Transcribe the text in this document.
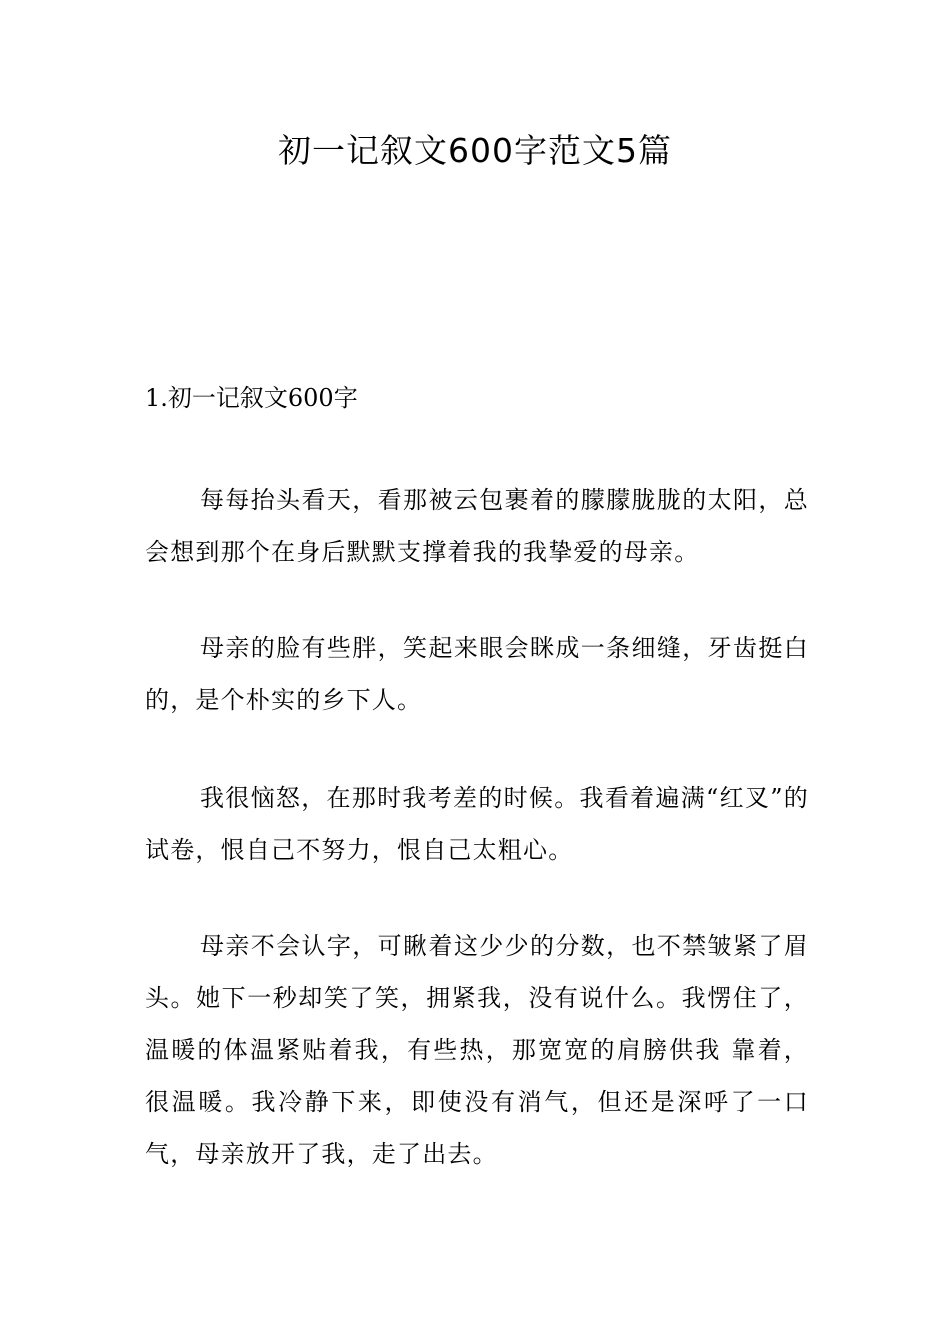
初一记叙文600字范文5篇

1.初一记叙文600字

每每抬头看天，看那被云包裹着的朦朦胧胧的太阳，总会想到那个在身后默默支撑着我的我挚爱的母亲。

母亲的脸有些胖，笑起来眼会眯成一条细缝，牙齿挺白的，是个朴实的乡下人。

我很恼怒，在那时我考差的时候。我看着遍满“红叉”的试卷，恨自己不努力，恨自己太粗心。

母亲不会认字，可瞅着这少少的分数，也不禁皱紧了眉头。她下一秒却笑了笑，拥紧我，没有说什么。我愣住了，温暖的体温紧贴着我，有些热，那宽宽的肩膀供我 靠着，很温暖。我冷静下来，即使没有消气，但还是深呼了一口气，母亲放开了我，走了出去。
